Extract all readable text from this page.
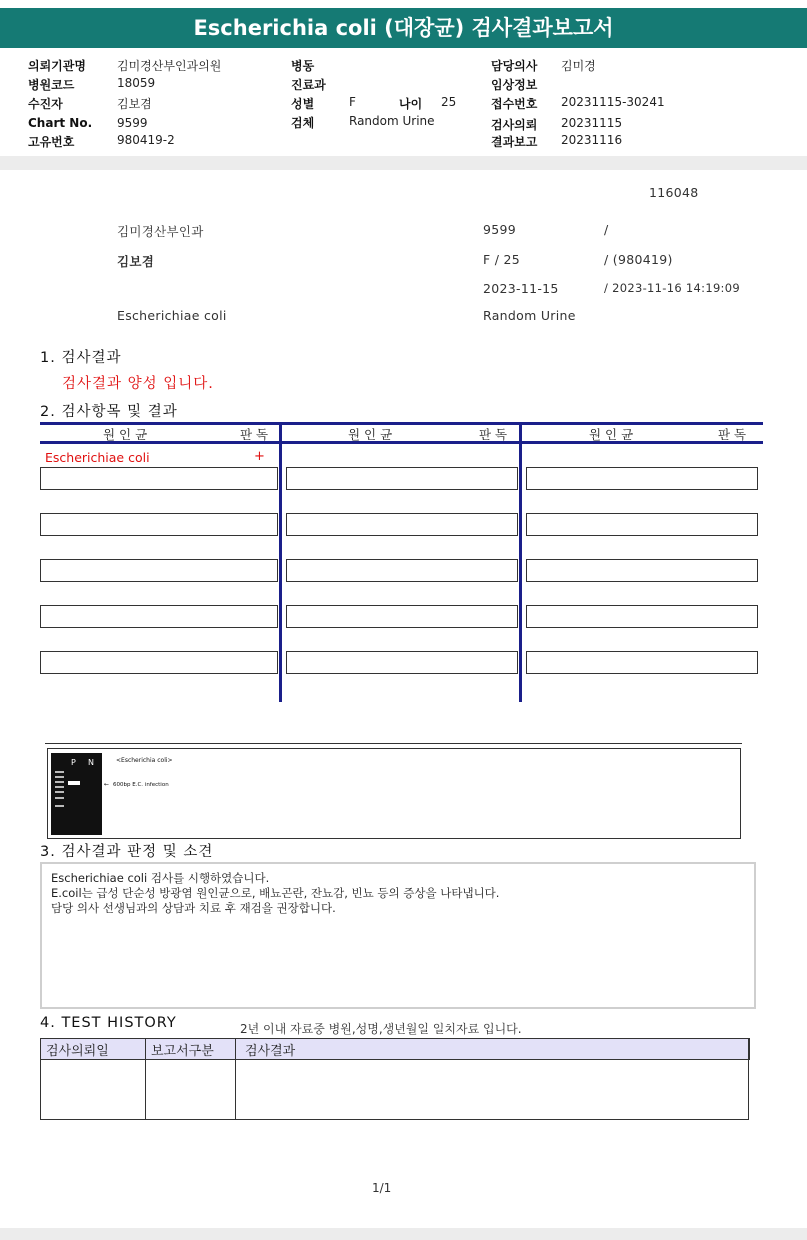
Escherichia coli (대장균) 검사결과보고서
의뢰기관명	김미경산부인과의원
병원코드	18059
수진자	김보겸
Chart No. 9599
고유번호	980419-2
병동
진료과
성별	F	나이 25
검체	Random Urine
담당의사 김미경
임상정보
접수번호 20231115-30241
검사의뢰 20231115
결과보고 20231116
116048
김미경산부인과	9599	/
김보겸	F / 25	/ (980419)
2023-11-15	/ 2023-11-16 14:19:09
Escherichiae coli	Random Urine
1. 검사결과
검사결과 양성 입니다.
2. 검사항목 및 결과
원 인 균	판 독	원 인 균	판 독	원 인 균	판 독
Escherichiae coli	+
P N	<Escherichia coli>
← 600bp E.C. infection
3. 검사결과 판정 및 소견
Escherichiae coli 검사를 시행하였습니다.
E.coil는 급성 단순성 방광염 원인균으로, 배뇨곤란, 잔뇨감, 빈뇨 등의 증상을 나타냅니다.
담당 의사 선생님과의 상담과 치료 후 재검을 권장합니다.
4. TEST HISTORY	2년 이내 자료중 병원,성명,생년월일 일치자료 입니다.
검사의뢰일	보고서구분 검사결과
1/1
